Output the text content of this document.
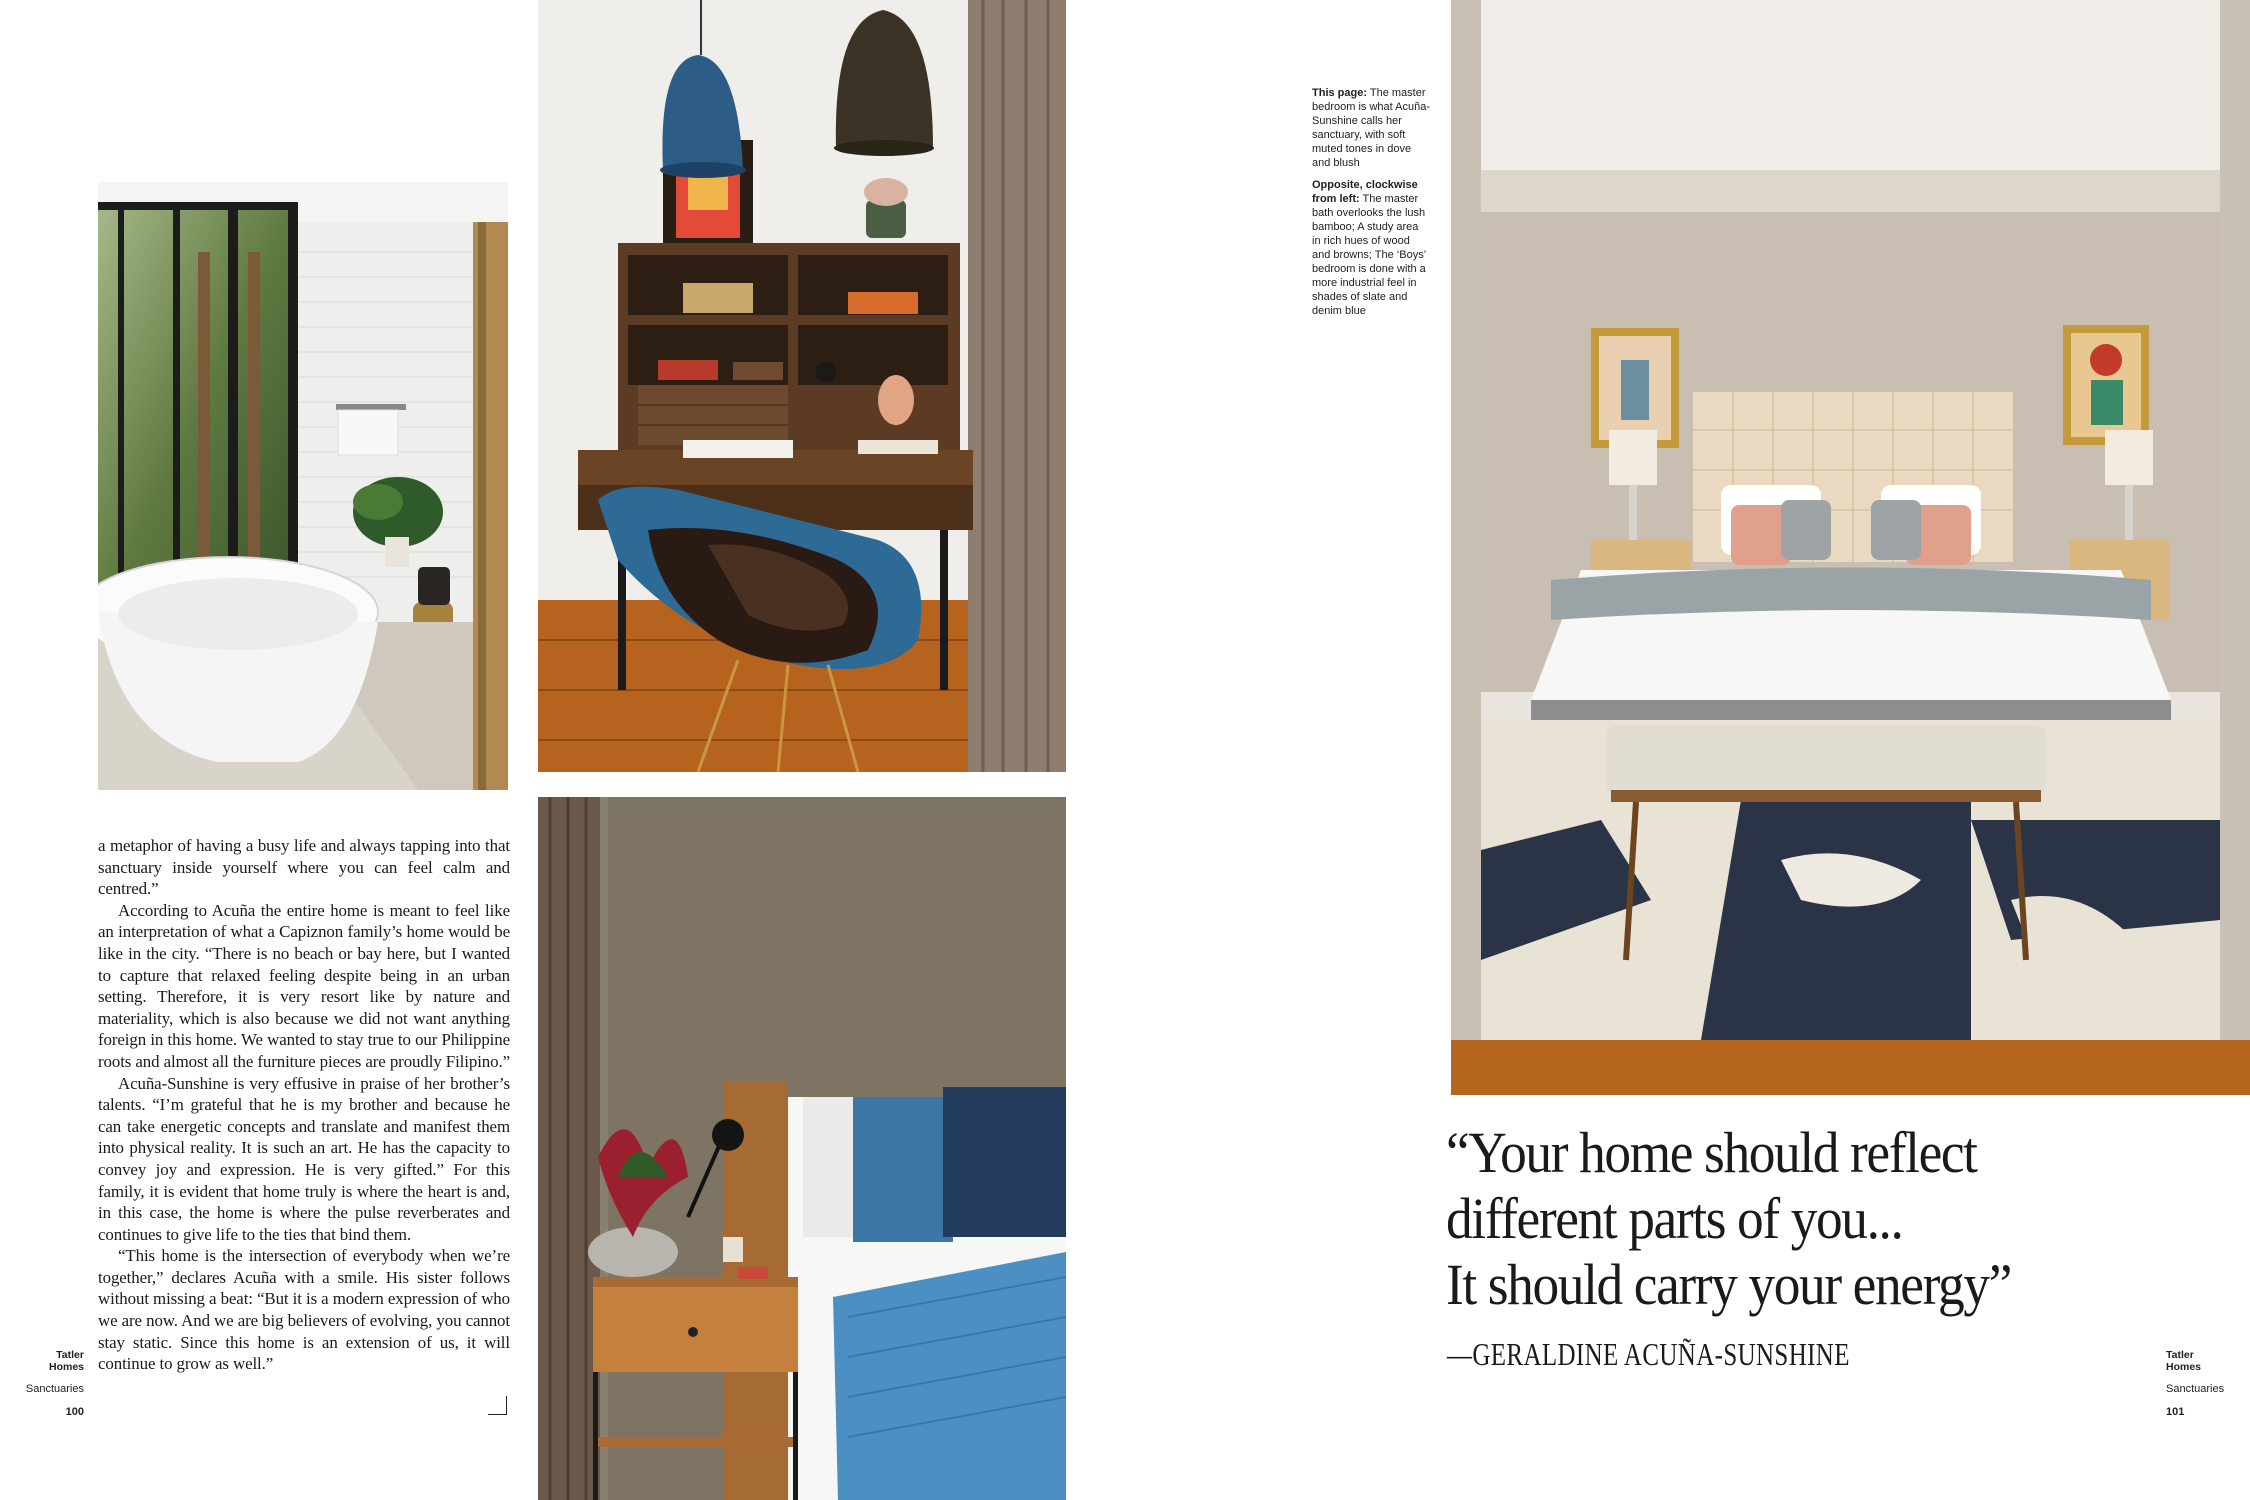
a metaphor of having a busy life and always tapping into that sanctuary inside yourself where you can feel calm and centred.”

According to Acuña the entire home is meant to feel like an interpretation of what a Capiznon family’s home would be like in the city. “There is no beach or bay here, but I wanted to capture that relaxed feeling despite being in an urban setting. Therefore, it is very resort like by nature and materiality, which is also because we did not want anything foreign in this home. We wanted to stay true to our Philippine roots and almost all the furniture pieces are proudly Filipino.”

Acuña-Sunshine is very effusive in praise of her brother’s talents. “I’m grateful that he is my brother and because he can take energetic concepts and translate and manifest them into physical reality. It is such an art. He has the capacity to convey joy and expression. He is very gifted.” For this family, it is evident that home truly is where the heart is and, in this case, the home is where the pulse reverberates and continues to give life to the ties that bind them.

“This home is the intersection of everybody when we’re together,” declares Acuña with a smile. His sister follows without missing a beat: “But it is a modern expression of who we are now. And we are big believers of evolving, you cannot stay static. Since this home is an extension of us, it will continue to grow as well.”

This page: The master bedroom is what Acuña-Sunshine calls her sanctuary, with soft muted tones in dove and blush

Opposite, clockwise from left: The master bath overlooks the lush bamboo; A study area in rich hues of wood and browns; The ‘Boys’ bedroom is done with a more industrial feel in shades of slate and denim blue

“Your home should reflect
different parts of you...
It should carry your energy”
—GERALDINE ACUÑA-SUNSHINE
Tatler
Homes
Sanctuaries
100
Tatler
Homes
Sanctuaries
101
